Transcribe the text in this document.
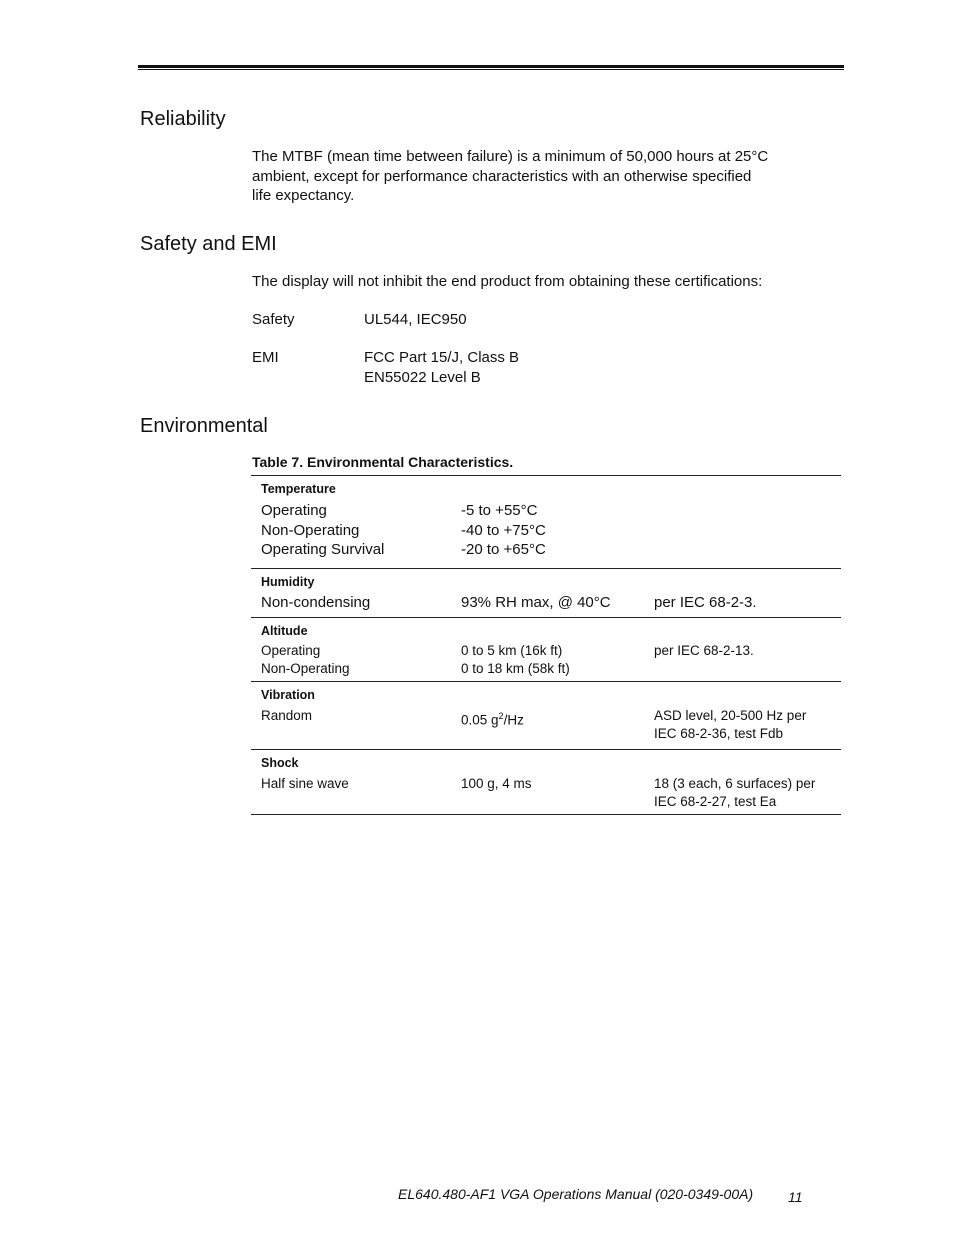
Reliability
The MTBF (mean time between failure) is a minimum of 50,000 hours at 25°C
ambient, except for performance characteristics with an otherwise specified
life expectancy.
Safety and EMI
The display will not inhibit the end product from obtaining these certifications:
Safety	UL544, IEC950
EMI	FCC Part 15/J, Class B
EN55022 Level B
Environmental
Table 7. Environmental Characteristics.
Temperature
Operating	-5 to +55°C
Non-Operating	-40 to +75°C
Operating Survival	-20 to +65°C
Humidity
Non-condensing	93% RH max, @ 40°C	per IEC 68-2-3.
Altitude
Operating	0 to 5 km (16k ft)	per IEC 68-2-13.
Non-Operating	0 to 18 km (58k ft)
Vibration
Random	0.05 $g^2/Hz$	ASD level, 20-500 Hz per
IEC 68-2-36, test Fdb
Shock
Half sine wave	100 g, 4 ms	18 (3 each, 6 surfaces) per
IEC 68-2-27, test Ea
EL640.480-AF1 VGA Operations Manual (020-0349-00A) 11
